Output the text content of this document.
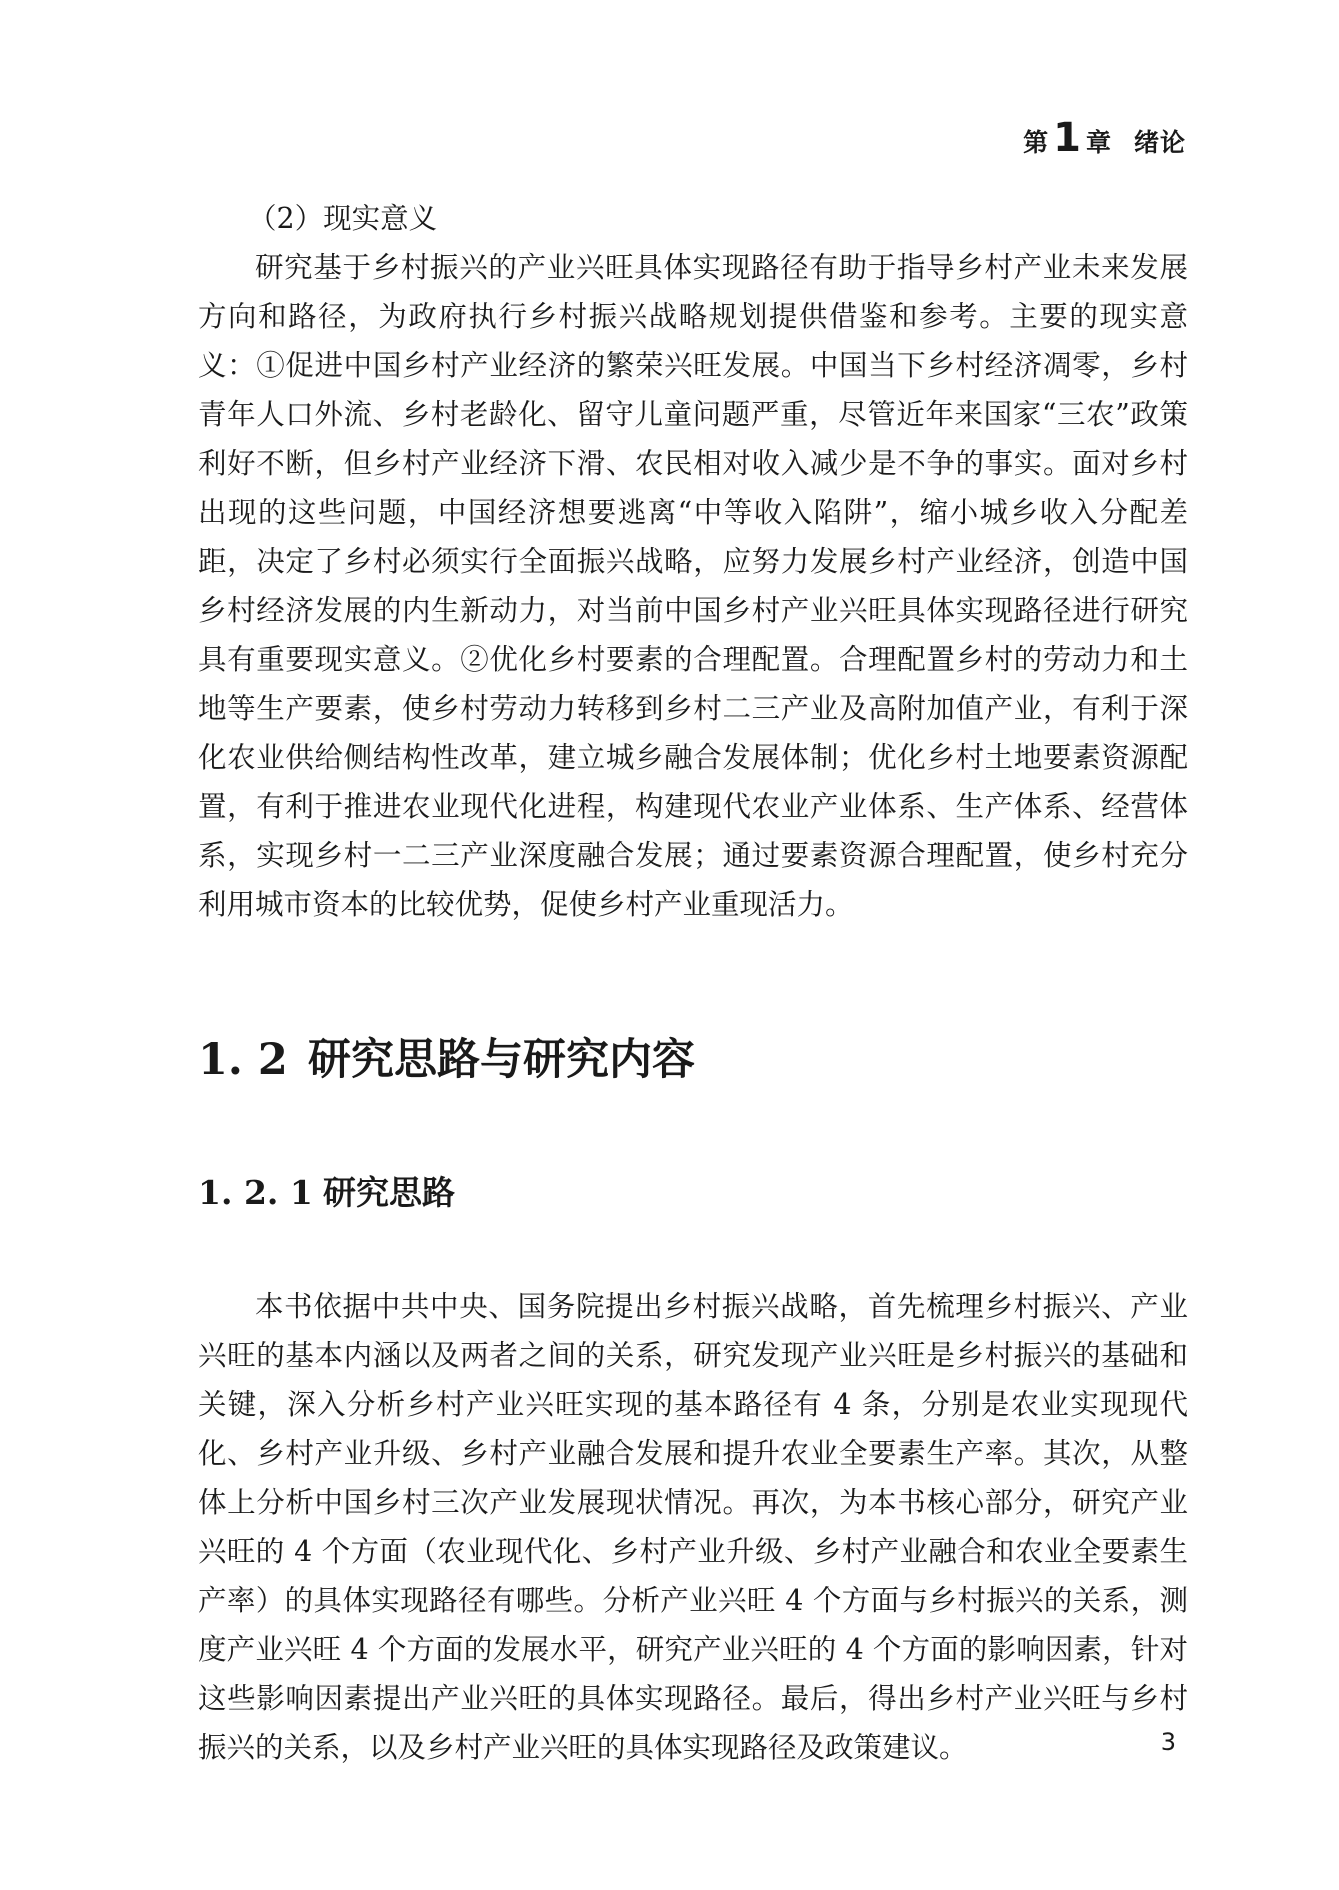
第 1 章 绪论

（2）现实意义

研究基于乡村振兴的产业兴旺具体实现路径有助于指导乡村产业未来发展方向和路径，为政府执行乡村振兴战略规划提供借鉴和参考。主要的现实意义：①促进中国乡村产业经济的繁荣兴旺发展。中国当下乡村经济凋零，乡村青年人口外流、乡村老龄化、留守儿童问题严重，尽管近年来国家“三农”政策利好不断，但乡村产业经济下滑、农民相对收入减少是不争的事实。面对乡村出现的这些问题，中国经济想要逃离“中等收入陷阱”，缩小城乡收入分配差距，决定了乡村必须实行全面振兴战略，应努力发展乡村产业经济，创造中国乡村经济发展的内生新动力，对当前中国乡村产业兴旺具体实现路径进行研究具有重要现实意义。②优化乡村要素的合理配置。合理配置乡村的劳动力和土地等生产要素，使乡村劳动力转移到乡村二三产业及高附加值产业，有利于深化农业供给侧结构性改革，建立城乡融合发展体制；优化乡村土地要素资源配置，有利于推进农业现代化进程，构建现代农业产业体系、生产体系、经营体系，实现乡村一二三产业深度融合发展；通过要素资源合理配置，使乡村充分利用城市资本的比较优势，促使乡村产业重现活力。

1. 2 研究思路与研究内容
1. 2. 1 研究思路

本书依据中共中央、国务院提出乡村振兴战略，首先梳理乡村振兴、产业兴旺的基本内涵以及两者之间的关系，研究发现产业兴旺是乡村振兴的基础和关键，深入分析乡村产业兴旺实现的基本路径有 4 条，分别是农业实现现代化、乡村产业升级、乡村产业融合发展和提升农业全要素生产率。其次，从整体上分析中国乡村三次产业发展现状情况。再次，为本书核心部分，研究产业兴旺的 4 个方面（农业现代化、乡村产业升级、乡村产业融合和农业全要素生产率）的具体实现路径有哪些。分析产业兴旺 4 个方面与乡村振兴的关系，测度产业兴旺 4 个方面的发展水平，研究产业兴旺的 4 个方面的影响因素，针对这些影响因素提出产业兴旺的具体实现路径。最后，得出乡村产业兴旺与乡村振兴的关系，以及乡村产业兴旺的具体实现路径及政策建议。	3
